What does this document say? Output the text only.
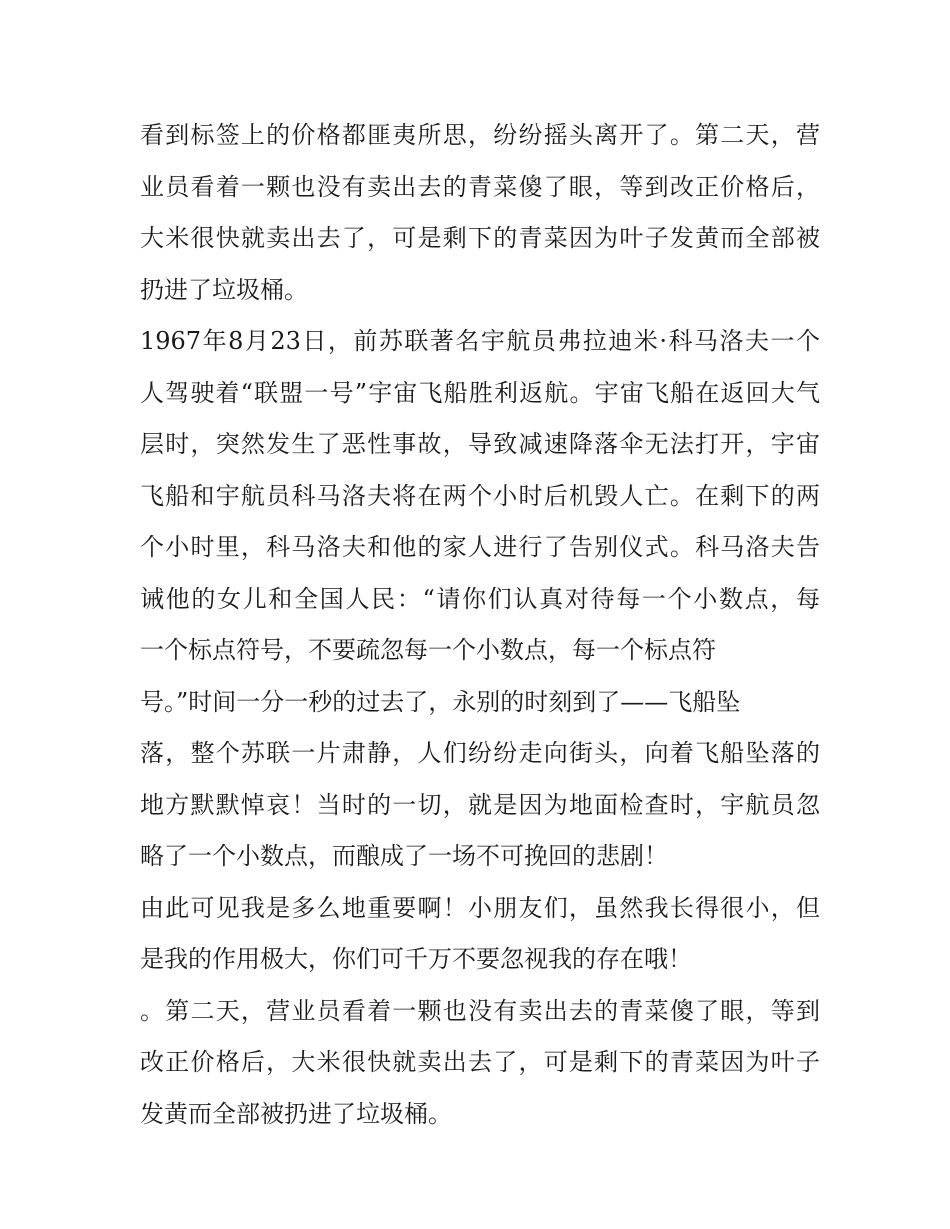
看到标签上的价格都匪夷所思，纷纷摇头离开了。第二天，营
业员看着一颗也没有卖出去的青菜傻了眼，等到改正价格后，
大米很快就卖出去了，可是剩下的青菜因为叶子发黄而全部被
扔进了垃圾桶。
1967年8月23日，前苏联著名宇航员弗拉迪米·科马洛夫一个
人驾驶着“联盟一号”宇宙飞船胜利返航。宇宙飞船在返回大气
层时，突然发生了恶性事故，导致减速降落伞无法打开，宇宙
飞船和宇航员科马洛夫将在两个小时后机毁人亡。在剩下的两
个小时里，科马洛夫和他的家人进行了告别仪式。科马洛夫告
诫他的女儿和全国人民：“请你们认真对待每一个小数点，每
一个标点符号，不要疏忽每一个小数点，每一个标点符
号。”时间一分一秒的过去了，永别的时刻到了——飞船坠
落，整个苏联一片肃静，人们纷纷走向街头，向着飞船坠落的
地方默默悼哀！当时的一切，就是因为地面检查时，宇航员忽
略了一个小数点，而酿成了一场不可挽回的悲剧！
由此可见我是多么地重要啊！小朋友们，虽然我长得很小，但
是我的作用极大，你们可千万不要忽视我的存在哦！
。第二天，营业员看着一颗也没有卖出去的青菜傻了眼，等到
改正价格后，大米很快就卖出去了，可是剩下的青菜因为叶子
发黄而全部被扔进了垃圾桶。
